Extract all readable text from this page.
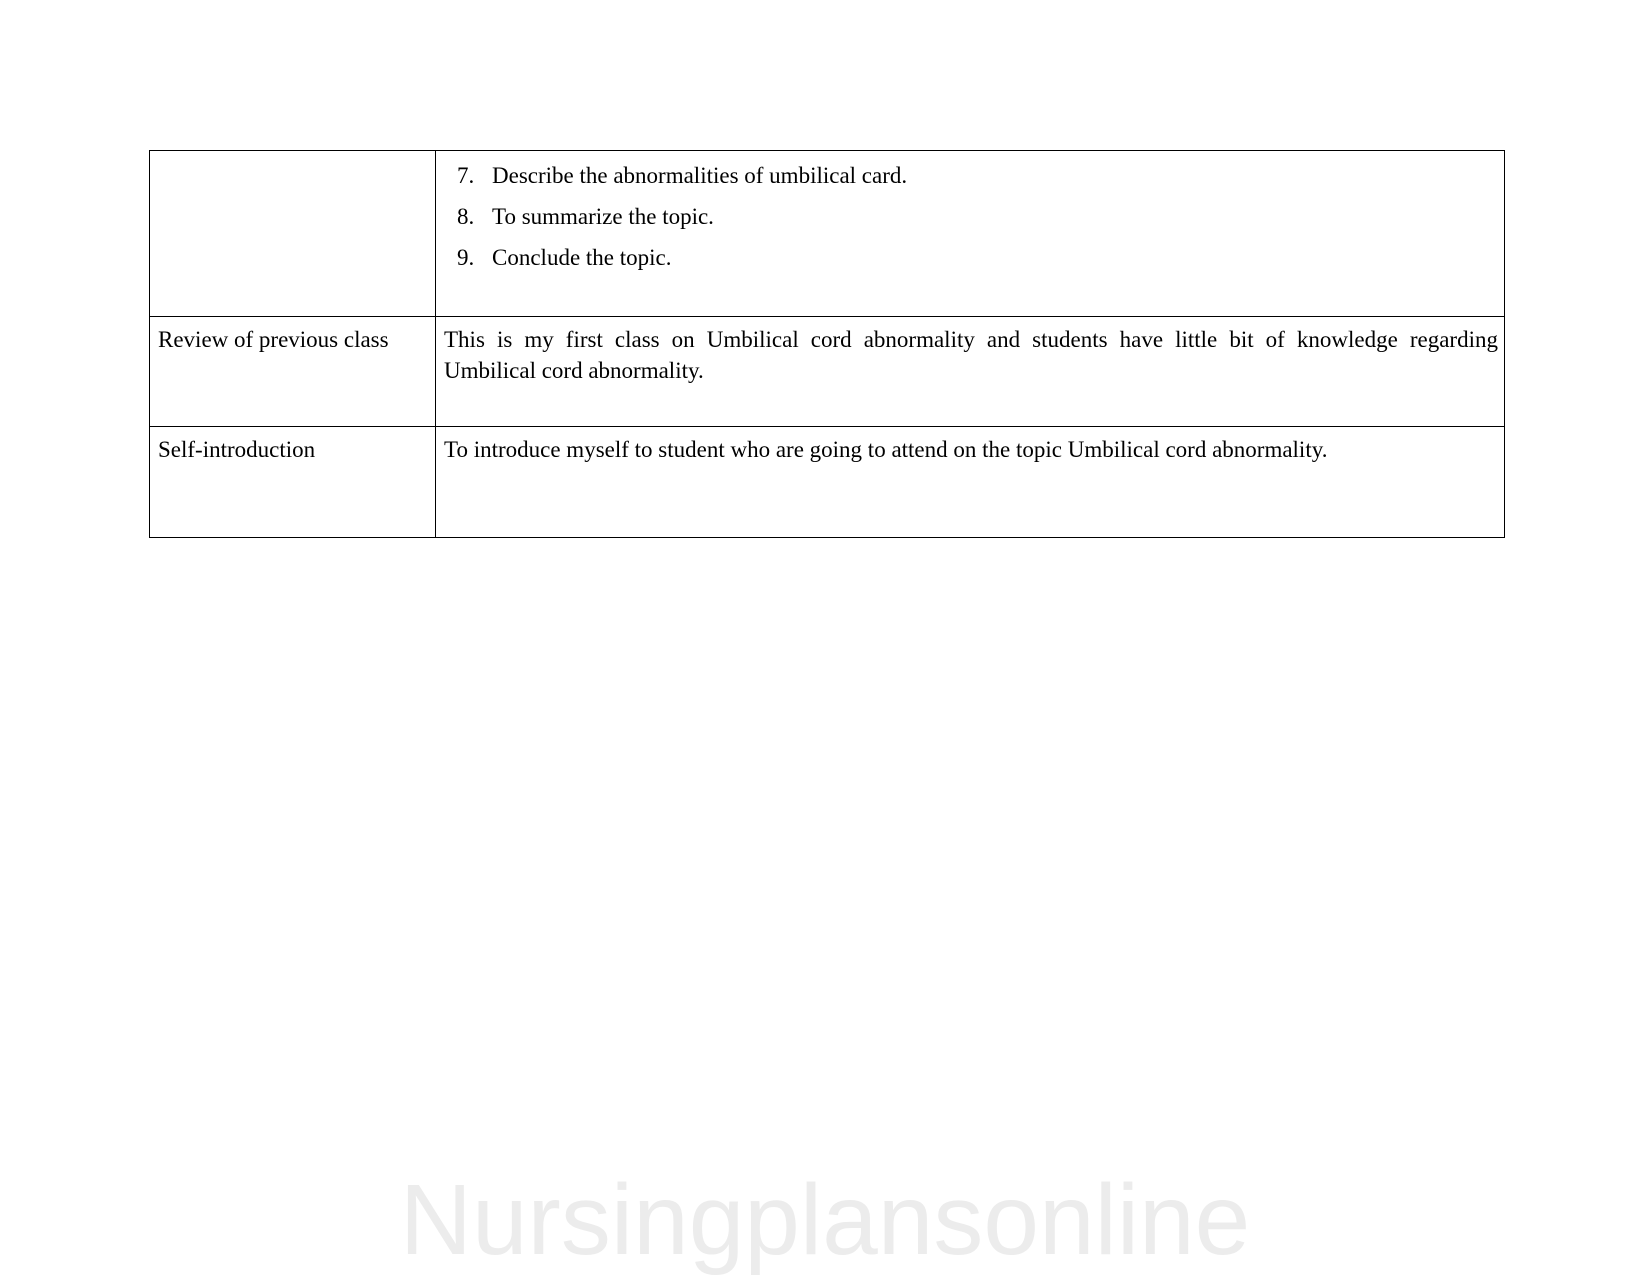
7. Describe the abnormalities of umbilical card.
8. To summarize the topic.
9. Conclude the topic.

Review of previous class	This is my first class on Umbilical cord abnormality and students have little bit of knowledge regarding
Umbilical cord abnormality.

Self-introduction	To introduce myself to student who are going to attend on the topic Umbilical cord abnormality.
Nursingplansonline
